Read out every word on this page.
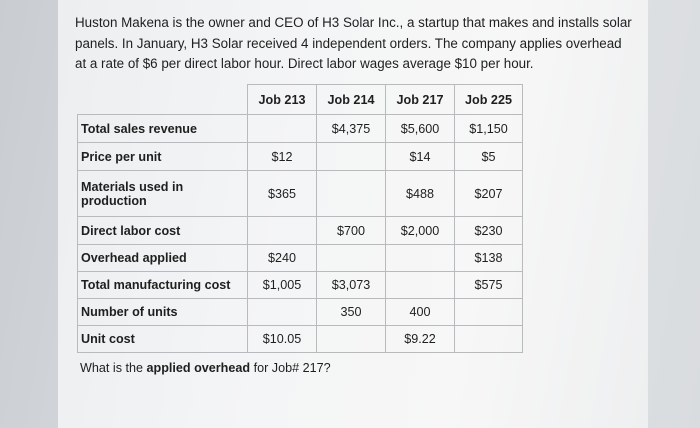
Huston Makena is the owner and CEO of H3 Solar Inc., a startup that makes and installs solar panels. In January, H3 Solar received 4 independent orders. The company applies overhead at a rate of $6 per direct labor hour. Direct labor wages average $10 per hour.
	Job 213	Job 214	Job 217	Job 225
Total sales revenue		$4,375	$5,600	$1,150
Price per unit	$12		$14	$5
Materials used in production	$365		$488	$207
Direct labor cost		$700	$2,000	$230
Overhead applied	$240			$138
Total manufacturing cost	$1,005	$3,073		$575
Number of units		350	400	
Unit cost	$10.05		$9.22	
What is the applied overhead for Job# 217?
